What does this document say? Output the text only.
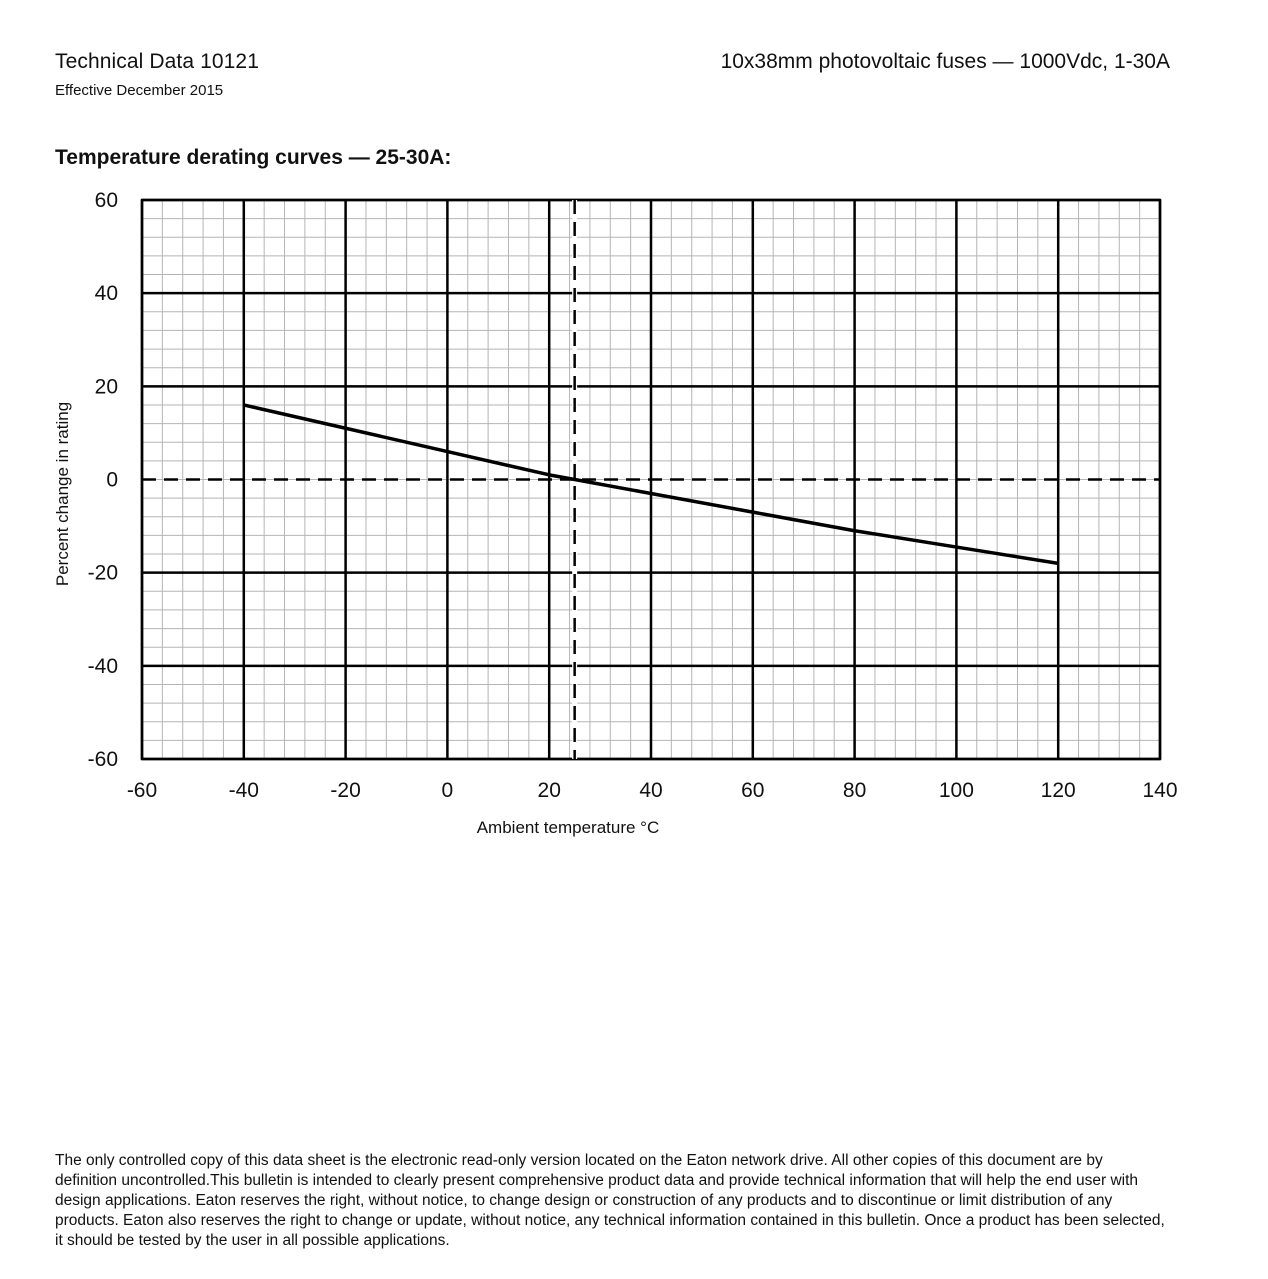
Technical Data 10121
Effective December 2015
10x38mm photovoltaic fuses — 1000Vdc, 1-30A
Temperature derating curves — 25-30A:
-60	-40	-20	0	20	40	60	80	100	120	140
60
40
20
0
-20
-40
-60
Ambient temperature °C
Percent change in rating
The only controlled copy of this data sheet is the electronic read-only version located on the Eaton network drive. All other copies of this document are by definition uncontrolled.This bulletin is intended to clearly present comprehensive product data and provide technical information that will help the end user with design applications. Eaton reserves the right, without notice, to change design or construction of any products and to discontinue or limit distribution of any products. Eaton also reserves the right to change or update, without notice, any technical information contained in this bulletin. Once a product has been selected, it should be tested by the user in all possible applications.
